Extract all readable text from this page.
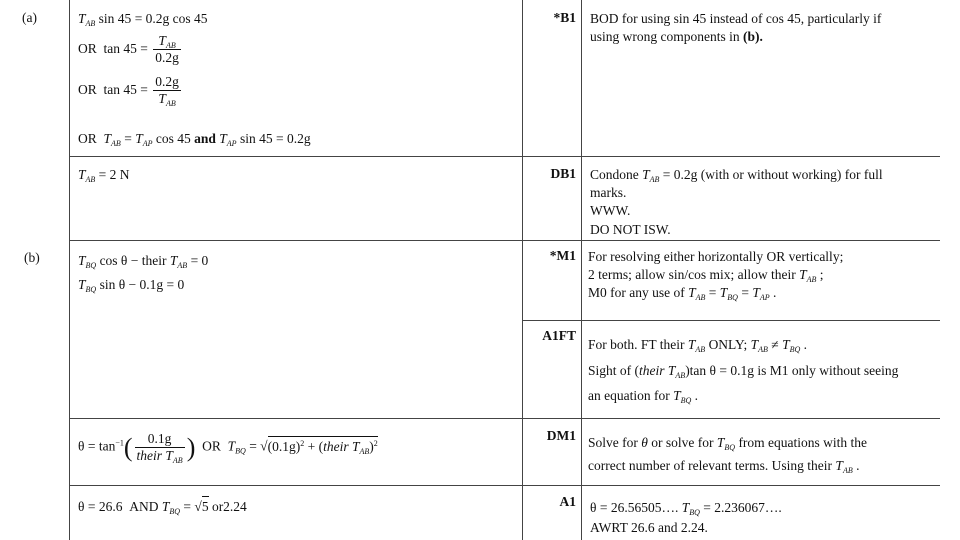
(a)
(b)
*B1
DB1
*M1
A1FT
DM1
A1
$T_{AB}$ sin 45 = 0.2g cos 45
OR $\tan 45 = \frac{T_{AB}}{0.2g}$
OR $\tan 45 = \frac{0.2g}{T_{AB}}$
OR $T_{AB} = T_{AP}$ cos 45 and $T_{AP}$ sin 45 = 0.2g
$T_{AB} = 2$ N
$T_{BQ}$ cos θ − their $T_{AB} = 0$
$T_{BQ}$ sin θ − 0.1g = 0
$\theta = \tan^{-1}( \frac{0.1g}{their T_{AB}}$ ) OR $T_{BQ} = √(0.1g)^2$ + (their $T_{AB})^2$
θ = 26.6 AND $T_{BQ} = √5$ or2.24
BOD for using sin 45 instead of cos 45, particularly if
using wrong components in (b).
Condone $T_{AB} = 0.2g$ (with or without working) for full
marks.
WWW.
DO NOT ISW.
For resolving either horizontally OR vertically;
2 terms; allow sin/cos mix; allow their $T_{AB}$ ;
M0 for any use of $T_{AB} = T_{BQ} = T_{AP}$ .
For both. FT their $T_{AB}$ ONLY; $T_{AB} \ne T_{BQ}$ .
Sight of (their $T_{AB})\tan$ θ = 0.1g is M1 only without seeing
an equation for $T_{BQ}$ .
Solve for θ or solve for $T_{BQ}$ from equations with the
correct number of relevant terms. Using their $T_{AB}$ .
θ = 26.56505…. $T_{BQ}$ = 2.236067….
AWRT 26.6 and 2.24.
